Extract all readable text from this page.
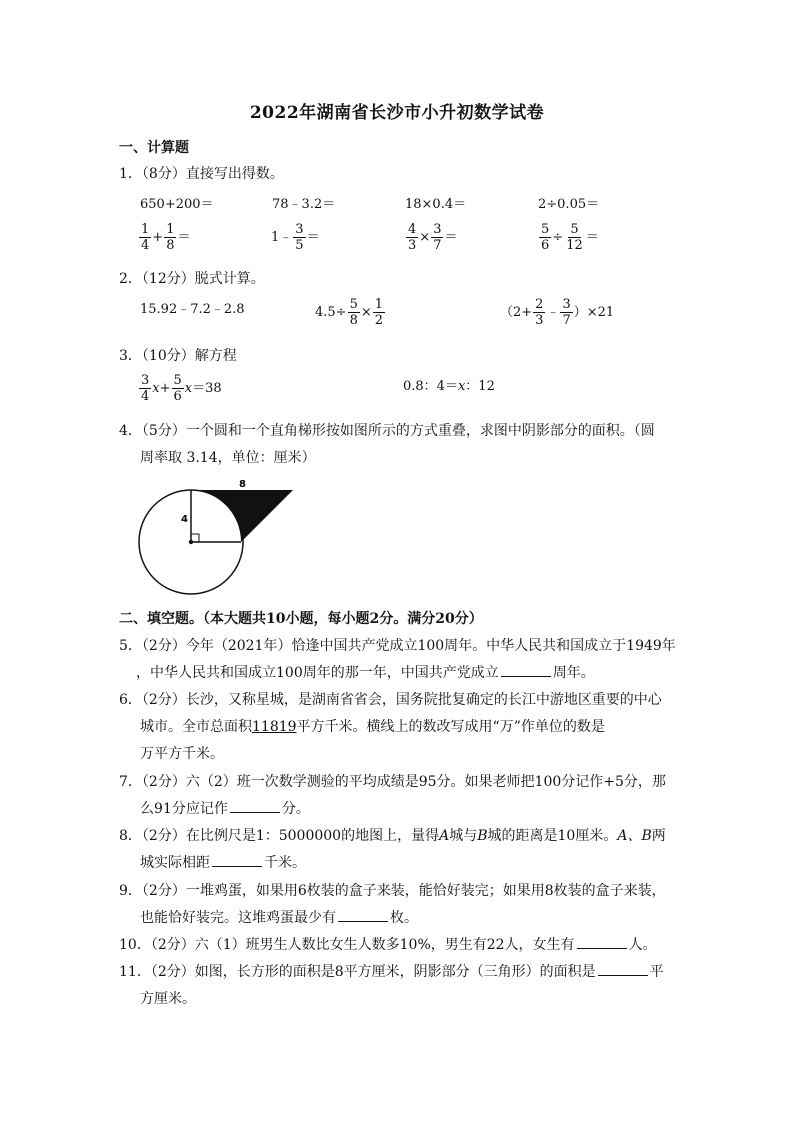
2022年湖南省长沙市小升初数学试卷
一、计算题
1．（8分）直接写出得数。
650+200＝	78﹣3.2＝	18×0.4＝	2÷0.05＝
$\frac{1}{4} + \frac{1}{8}$ ＝	1﹣ $\frac{3}{5}$ ＝	$\frac{4}{3} \times \frac{3}{7}$ ＝	$\frac{5}{6} \div \frac{5}{12}$ ＝
2．（12分）脱式计算。
15.92﹣7.2﹣2.8	$4.5\div \frac{5}{8} \times \frac{1}{2}$	（$2+ \frac{2}{3}$ ﹣ $\frac{3}{7} )\times 21$
3．（10分）解方程
$\frac{3}{4} x+ \frac{5}{6} x=38$	0.8：4＝x：12
4．（5分）一个圆和一个直角梯形按如图所示的方式重叠，求图中阴影部分的面积。（圆
周率取 3.14，单位：厘米）
8
4
二、填空题。（本大题共10小题，每小题2分。满分20分）
5．（2分）今年（2021年）恰逢中国共产党成立100周年。中华人民共和国成立于1949年
，中华人民共和国成立100周年的那一年，中国共产党成立	周年。
6．（2分）长沙，又称星城，是湖南省省会，国务院批复确定的长江中游地区重要的中心
城市。全市总面积11819平方千米。横线上的数改写成用“万”作单位的数是
万平方千米。
7．（2分）六（2）班一次数学测验的平均成绩是95分。如果老师把100分记作+5分，那
么91分应记作	分。
8．（2分）在比例尺是1：5000000的地图上，量得A城与B城的距离是10厘米。A、B两
城实际相距	千米。
9．（2分）一堆鸡蛋，如果用6枚装的盒子来装，能恰好装完；如果用8枚装的盒子来装，
也能恰好装完。这堆鸡蛋最少有	枚。
10．（2分）六（1）班男生人数比女生人数多10%，男生有22人，女生有	人。
11．（2分）如图，长方形的面积是8平方厘米，阴影部分（三角形）的面积是	平
方厘米。
